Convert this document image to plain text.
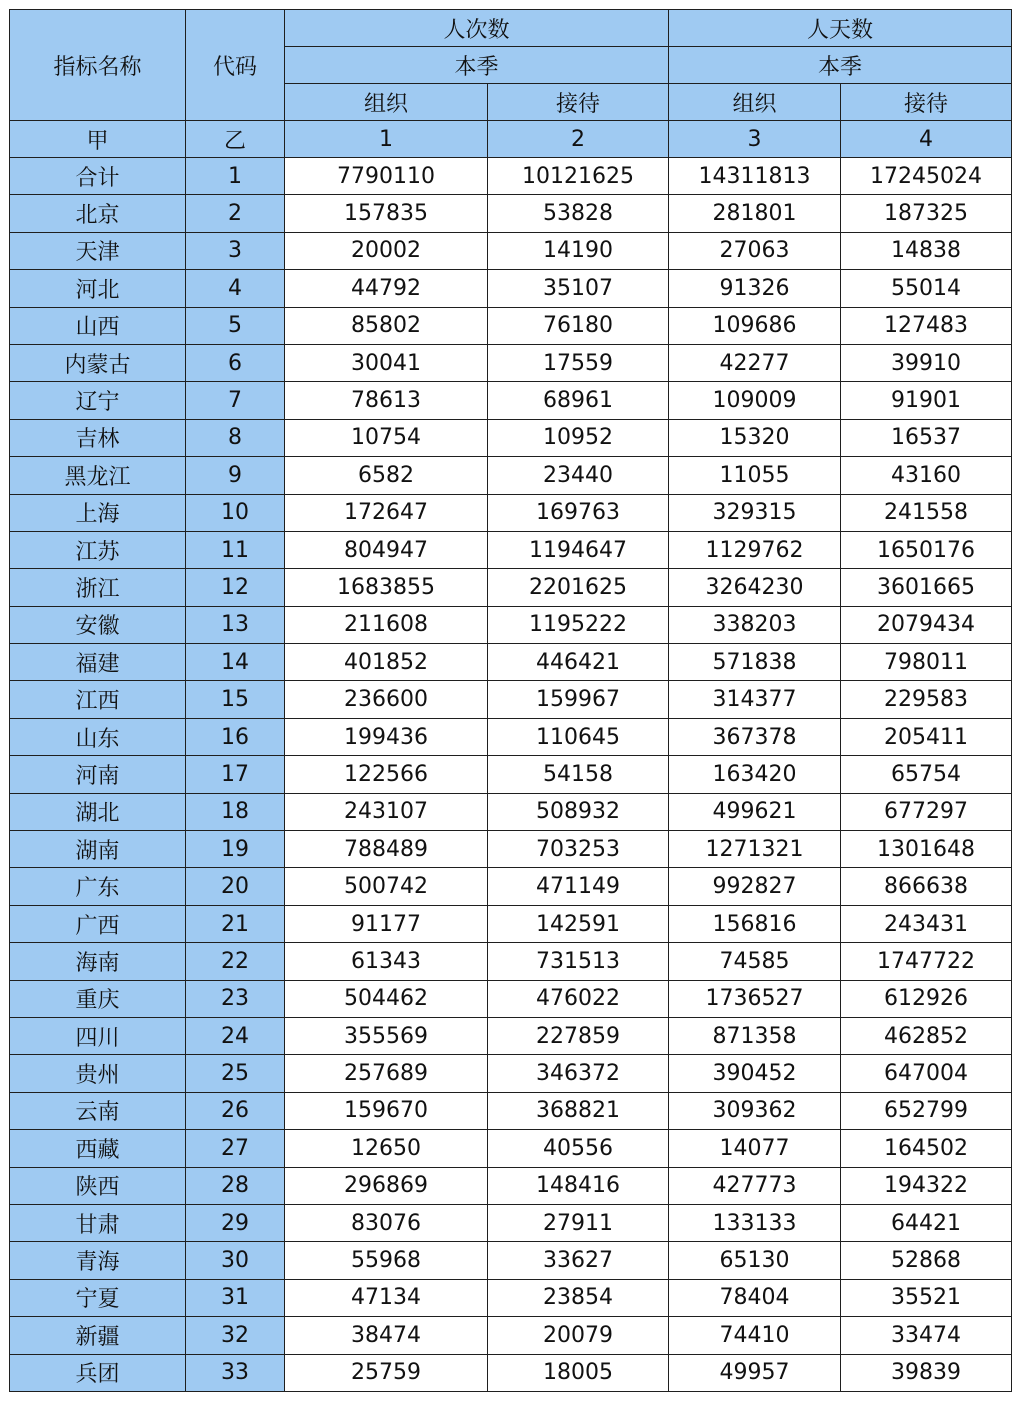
指标名称	代码	人次数		人天数	
		本季		本季	
		组织	接待	组织	接待
甲	乙	1	2	3	4
合计	1	7790110	10121625	14311813	17245024
北京	2	157835	53828	281801	187325
天津	3	20002	14190	27063	14838
河北	4	44792	35107	91326	55014
山西	5	85802	76180	109686	127483
内蒙古	6	30041	17559	42277	39910
辽宁	7	78613	68961	109009	91901
吉林	8	10754	10952	15320	16537
黑龙江	9	6582	23440	11055	43160
上海	10	172647	169763	329315	241558
江苏	11	804947	1194647	1129762	1650176
浙江	12	1683855	2201625	3264230	3601665
安徽	13	211608	1195222	338203	2079434
福建	14	401852	446421	571838	798011
江西	15	236600	159967	314377	229583
山东	16	199436	110645	367378	205411
河南	17	122566	54158	163420	65754
湖北	18	243107	508932	499621	677297
湖南	19	788489	703253	1271321	1301648
广东	20	500742	471149	992827	866638
广西	21	91177	142591	156816	243431
海南	22	61343	731513	74585	1747722
重庆	23	504462	476022	1736527	612926
四川	24	355569	227859	871358	462852
贵州	25	257689	346372	390452	647004
云南	26	159670	368821	309362	652799
西藏	27	12650	40556	14077	164502
陕西	28	296869	148416	427773	194322
甘肃	29	83076	27911	133133	64421
青海	30	55968	33627	65130	52868
宁夏	31	47134	23854	78404	35521
新疆	32	38474	20079	74410	33474
兵团	33	25759	18005	49957	39839
